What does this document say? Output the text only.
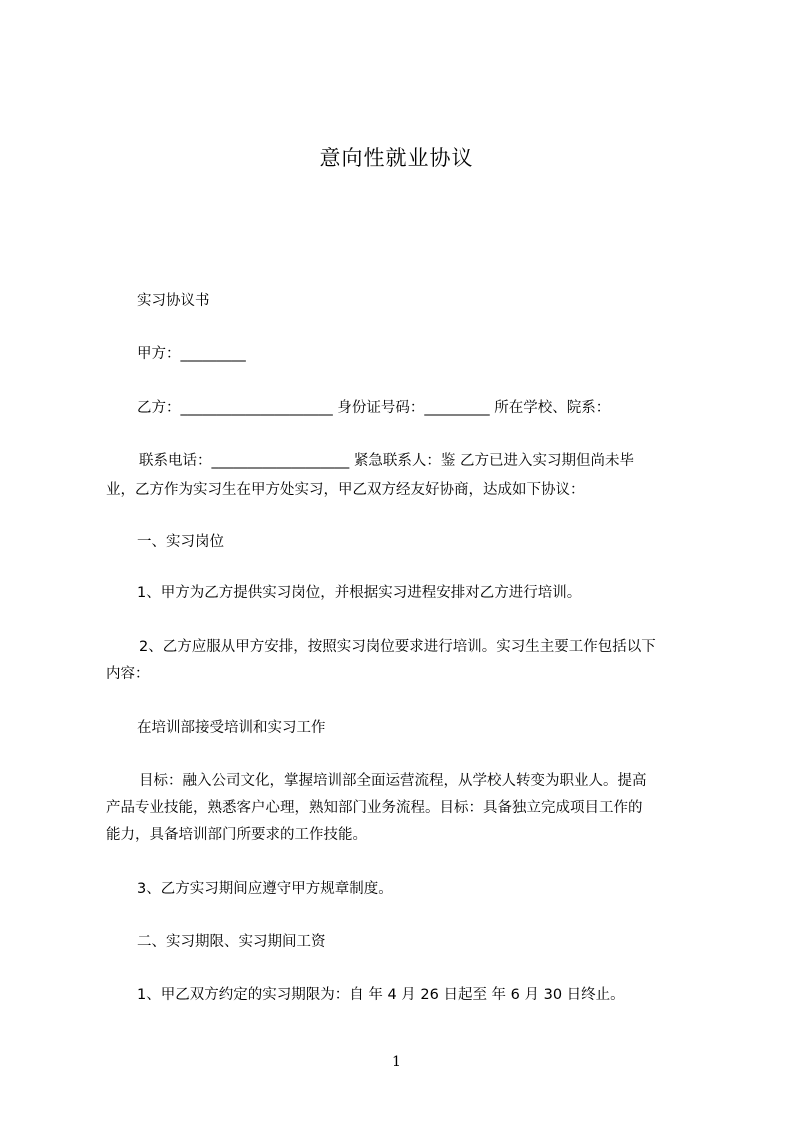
意向性就业协议
实习协议书
甲方：_________
乙方：_____________________ 身份证号码：_________ 所在学校、院系：
联系电话：___________________ 紧急联系人：鉴 乙方已进入实习期但尚未毕
业，乙方作为实习生在甲方处实习，甲乙双方经友好协商，达成如下协议：
一、实习岗位
1、甲方为乙方提供实习岗位，并根据实习进程安排对乙方进行培训。
2、乙方应服从甲方安排，按照实习岗位要求进行培训。实习生主要工作包括以下
内容：
在培训部接受培训和实习工作
目标：融入公司文化，掌握培训部全面运营流程，从学校人转变为职业人。提高
产品专业技能，熟悉客户心理，熟知部门业务流程。目标：具备独立完成项目工作的
能力，具备培训部门所要求的工作技能。
3、乙方实习期间应遵守甲方规章制度。
二、实习期限、实习期间工资
1、甲乙双方约定的实习期限为：自 年 4 月 26 日起至 年 6 月 30 日终止。
1
